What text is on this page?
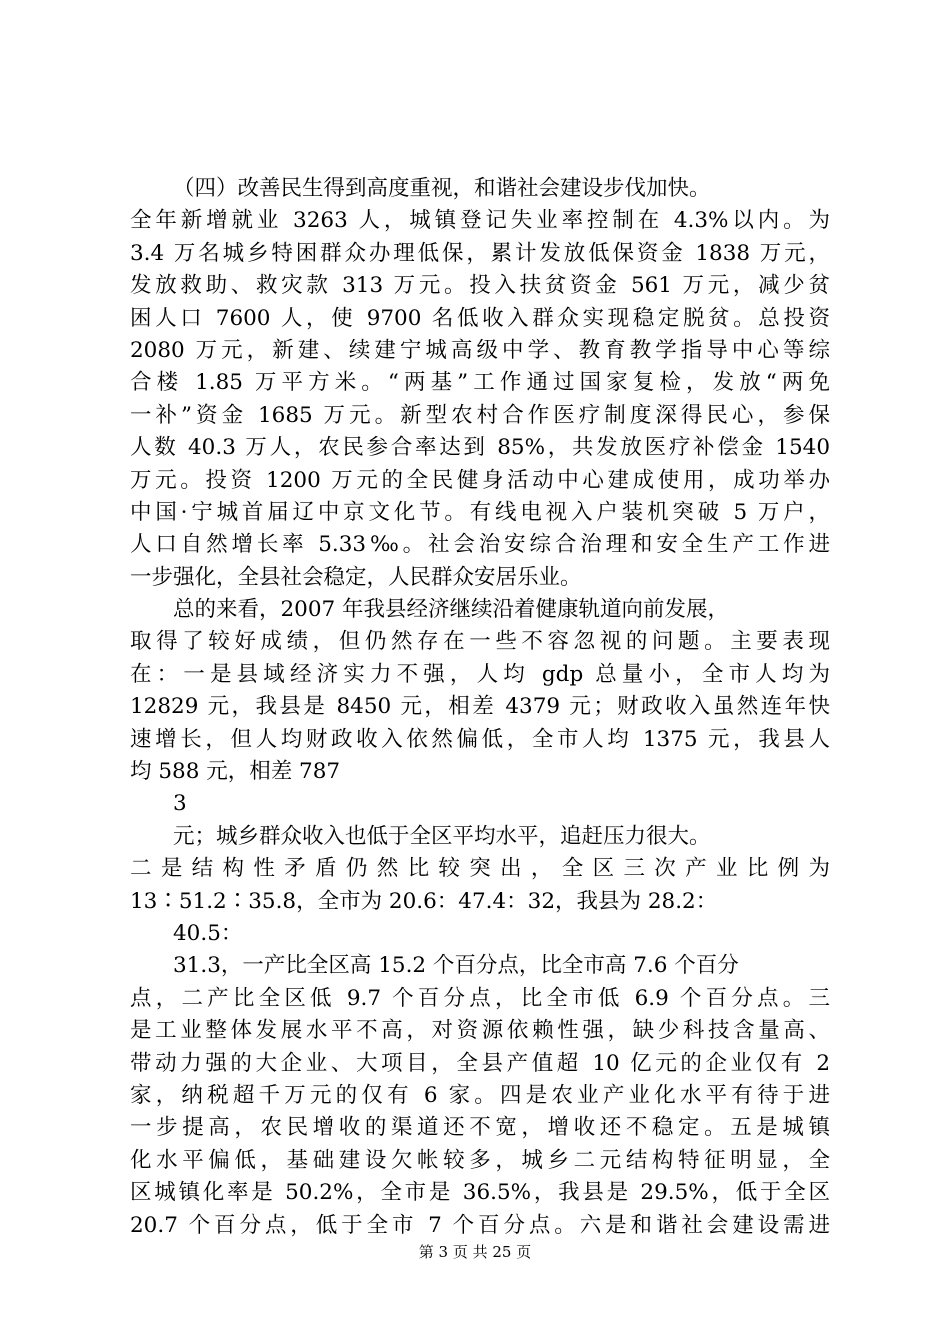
（四）改善民生得到高度重视，和谐社会建设步伐加快。
全年新增就业 3263 人，城镇登记失业率控制在 4.3%以内。为
3.4 万名城乡特困群众办理低保，累计发放低保资金 1838 万元，
发放救助、救灾款 313 万元。投入扶贫资金 561 万元，减少贫
困人口 7600 人，使 9700 名低收入群众实现稳定脱贫。总投资
2080 万元，新建、续建宁城高级中学、教育教学指导中心等综
合楼 1.85 万平方米。“两基”工作通过国家复检，发放“两免
一补”资金 1685 万元。新型农村合作医疗制度深得民心，参保
人数 40.3 万人，农民参合率达到 85%，共发放医疗补偿金 1540
万元。投资 1200 万元的全民健身活动中心建成使用，成功举办
中国·宁城首届辽中京文化节。有线电视入户装机突破 5 万户，
人口自然增长率 5.33‰。社会治安综合治理和安全生产工作进
一步强化，全县社会稳定，人民群众安居乐业。
总的来看，2007 年我县经济继续沿着健康轨道向前发展，
取得了较好成绩，但仍然存在一些不容忽视的问题。主要表现
在：一是县域经济实力不强，人均 gdp 总量小，全市人均为
12829 元，我县是 8450 元，相差 4379 元；财政收入虽然连年快
速增长，但人均财政收入依然偏低，全市人均 1375 元，我县人
均 588 元，相差 787
3
元；城乡群众收入也低于全区平均水平，追赶压力很大。
二是结构性矛盾仍然比较突出，全区三次产业比例为
13∶51.2∶35.8，全市为 20.6：47.4：32，我县为 28.2：
40.5：
31.3，一产比全区高 15.2 个百分点，比全市高 7.6 个百分
点，二产比全区低 9.7 个百分点，比全市低 6.9 个百分点。三
是工业整体发展水平不高，对资源依赖性强，缺少科技含量高、
带动力强的大企业、大项目，全县产值超 10 亿元的企业仅有 2
家，纳税超千万元的仅有 6 家。四是农业产业化水平有待于进
一步提高，农民增收的渠道还不宽，增收还不稳定。五是城镇
化水平偏低，基础建设欠帐较多，城乡二元结构特征明显，全
区城镇化率是 50.2%，全市是 36.5%，我县是 29.5%，低于全区
20.7 个百分点，低于全市 7 个百分点。六是和谐社会建设需进
第 3 页 共 25 页
